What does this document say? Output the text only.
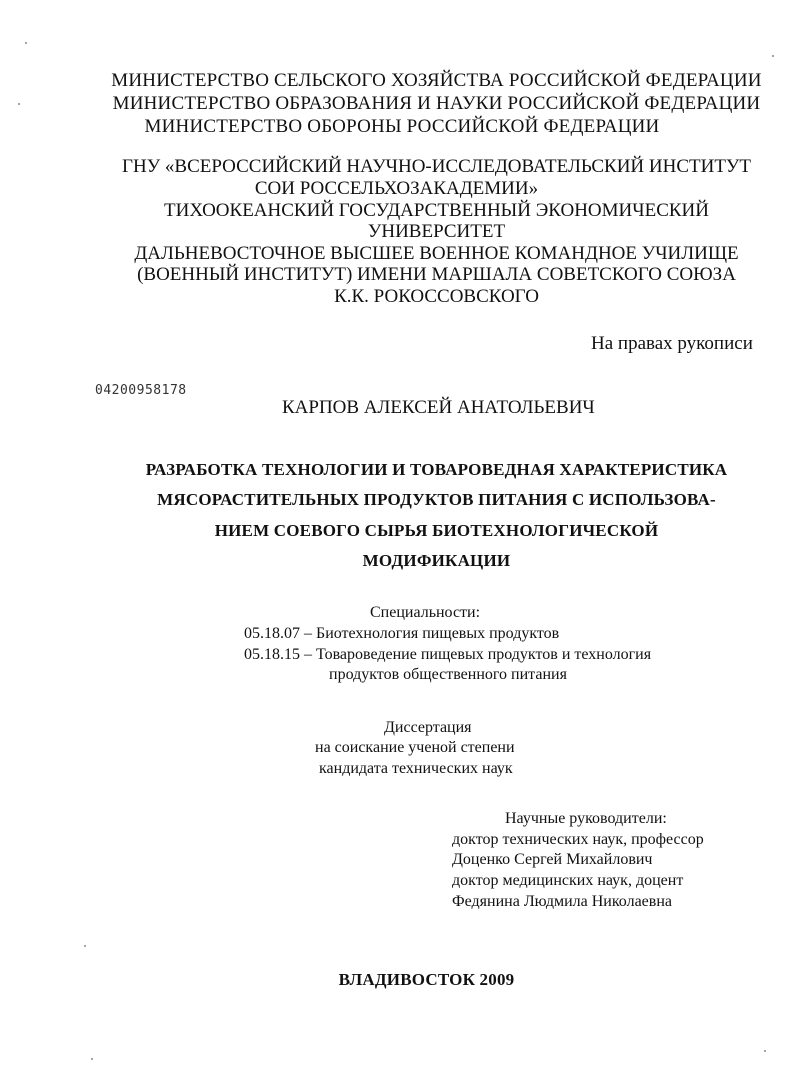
МИНИСТЕРСТВО СЕЛЬСКОГО ХОЗЯЙСТВА РОССИЙСКОЙ ФЕДЕРАЦИИ
МИНИСТЕРСТВО ОБРАЗОВАНИЯ И НАУКИ РОССИЙСКОЙ ФЕДЕРАЦИИ
МИНИСТЕРСТВО ОБОРОНЫ РОССИЙСКОЙ ФЕДЕРАЦИИ
ГНУ «ВСЕРОССИЙСКИЙ НАУЧНО-ИССЛЕДОВАТЕЛЬСКИЙ ИНСТИТУТ
СОИ РОССЕЛЬХОЗАКАДЕМИИ»
ТИХООКЕАНСКИЙ ГОСУДАРСТВЕННЫЙ ЭКОНОМИЧЕСКИЙ
УНИВЕРСИТЕТ
ДАЛЬНЕВОСТОЧНОЕ ВЫСШЕЕ ВОЕННОЕ КОМАНДНОЕ УЧИЛИЩЕ
(ВОЕННЫЙ ИНСТИТУТ) ИМЕНИ МАРШАЛА СОВЕТСКОГО СОЮЗА
К.К. РОКОССОВСКОГО
На правах рукописи
04200958178
КАРПОВ АЛЕКСЕЙ АНАТОЛЬЕВИЧ
РАЗРАБОТКА ТЕХНОЛОГИИ И ТОВАРОВЕДНАЯ ХАРАКТЕРИСТИКА
МЯСОРАСТИТЕЛЬНЫХ ПРОДУКТОВ ПИТАНИЯ С ИСПОЛЬЗОВА-
НИЕМ СОЕВОГО СЫРЬЯ БИОТЕХНОЛОГИЧЕСКОЙ
МОДИФИКАЦИИ
Специальности:
05.18.07 – Биотехнология пищевых продуктов
05.18.15 – Товароведение пищевых продуктов и технология
продуктов общественного питания
Диссертация
на соискание ученой степени
кандидата технических наук
Научные руководители:
доктор технических наук, профессор
Доценко Сергей Михайлович
доктор медицинских наук, доцент
Федянина Людмила Николаевна
ВЛАДИВОСТОК 2009
